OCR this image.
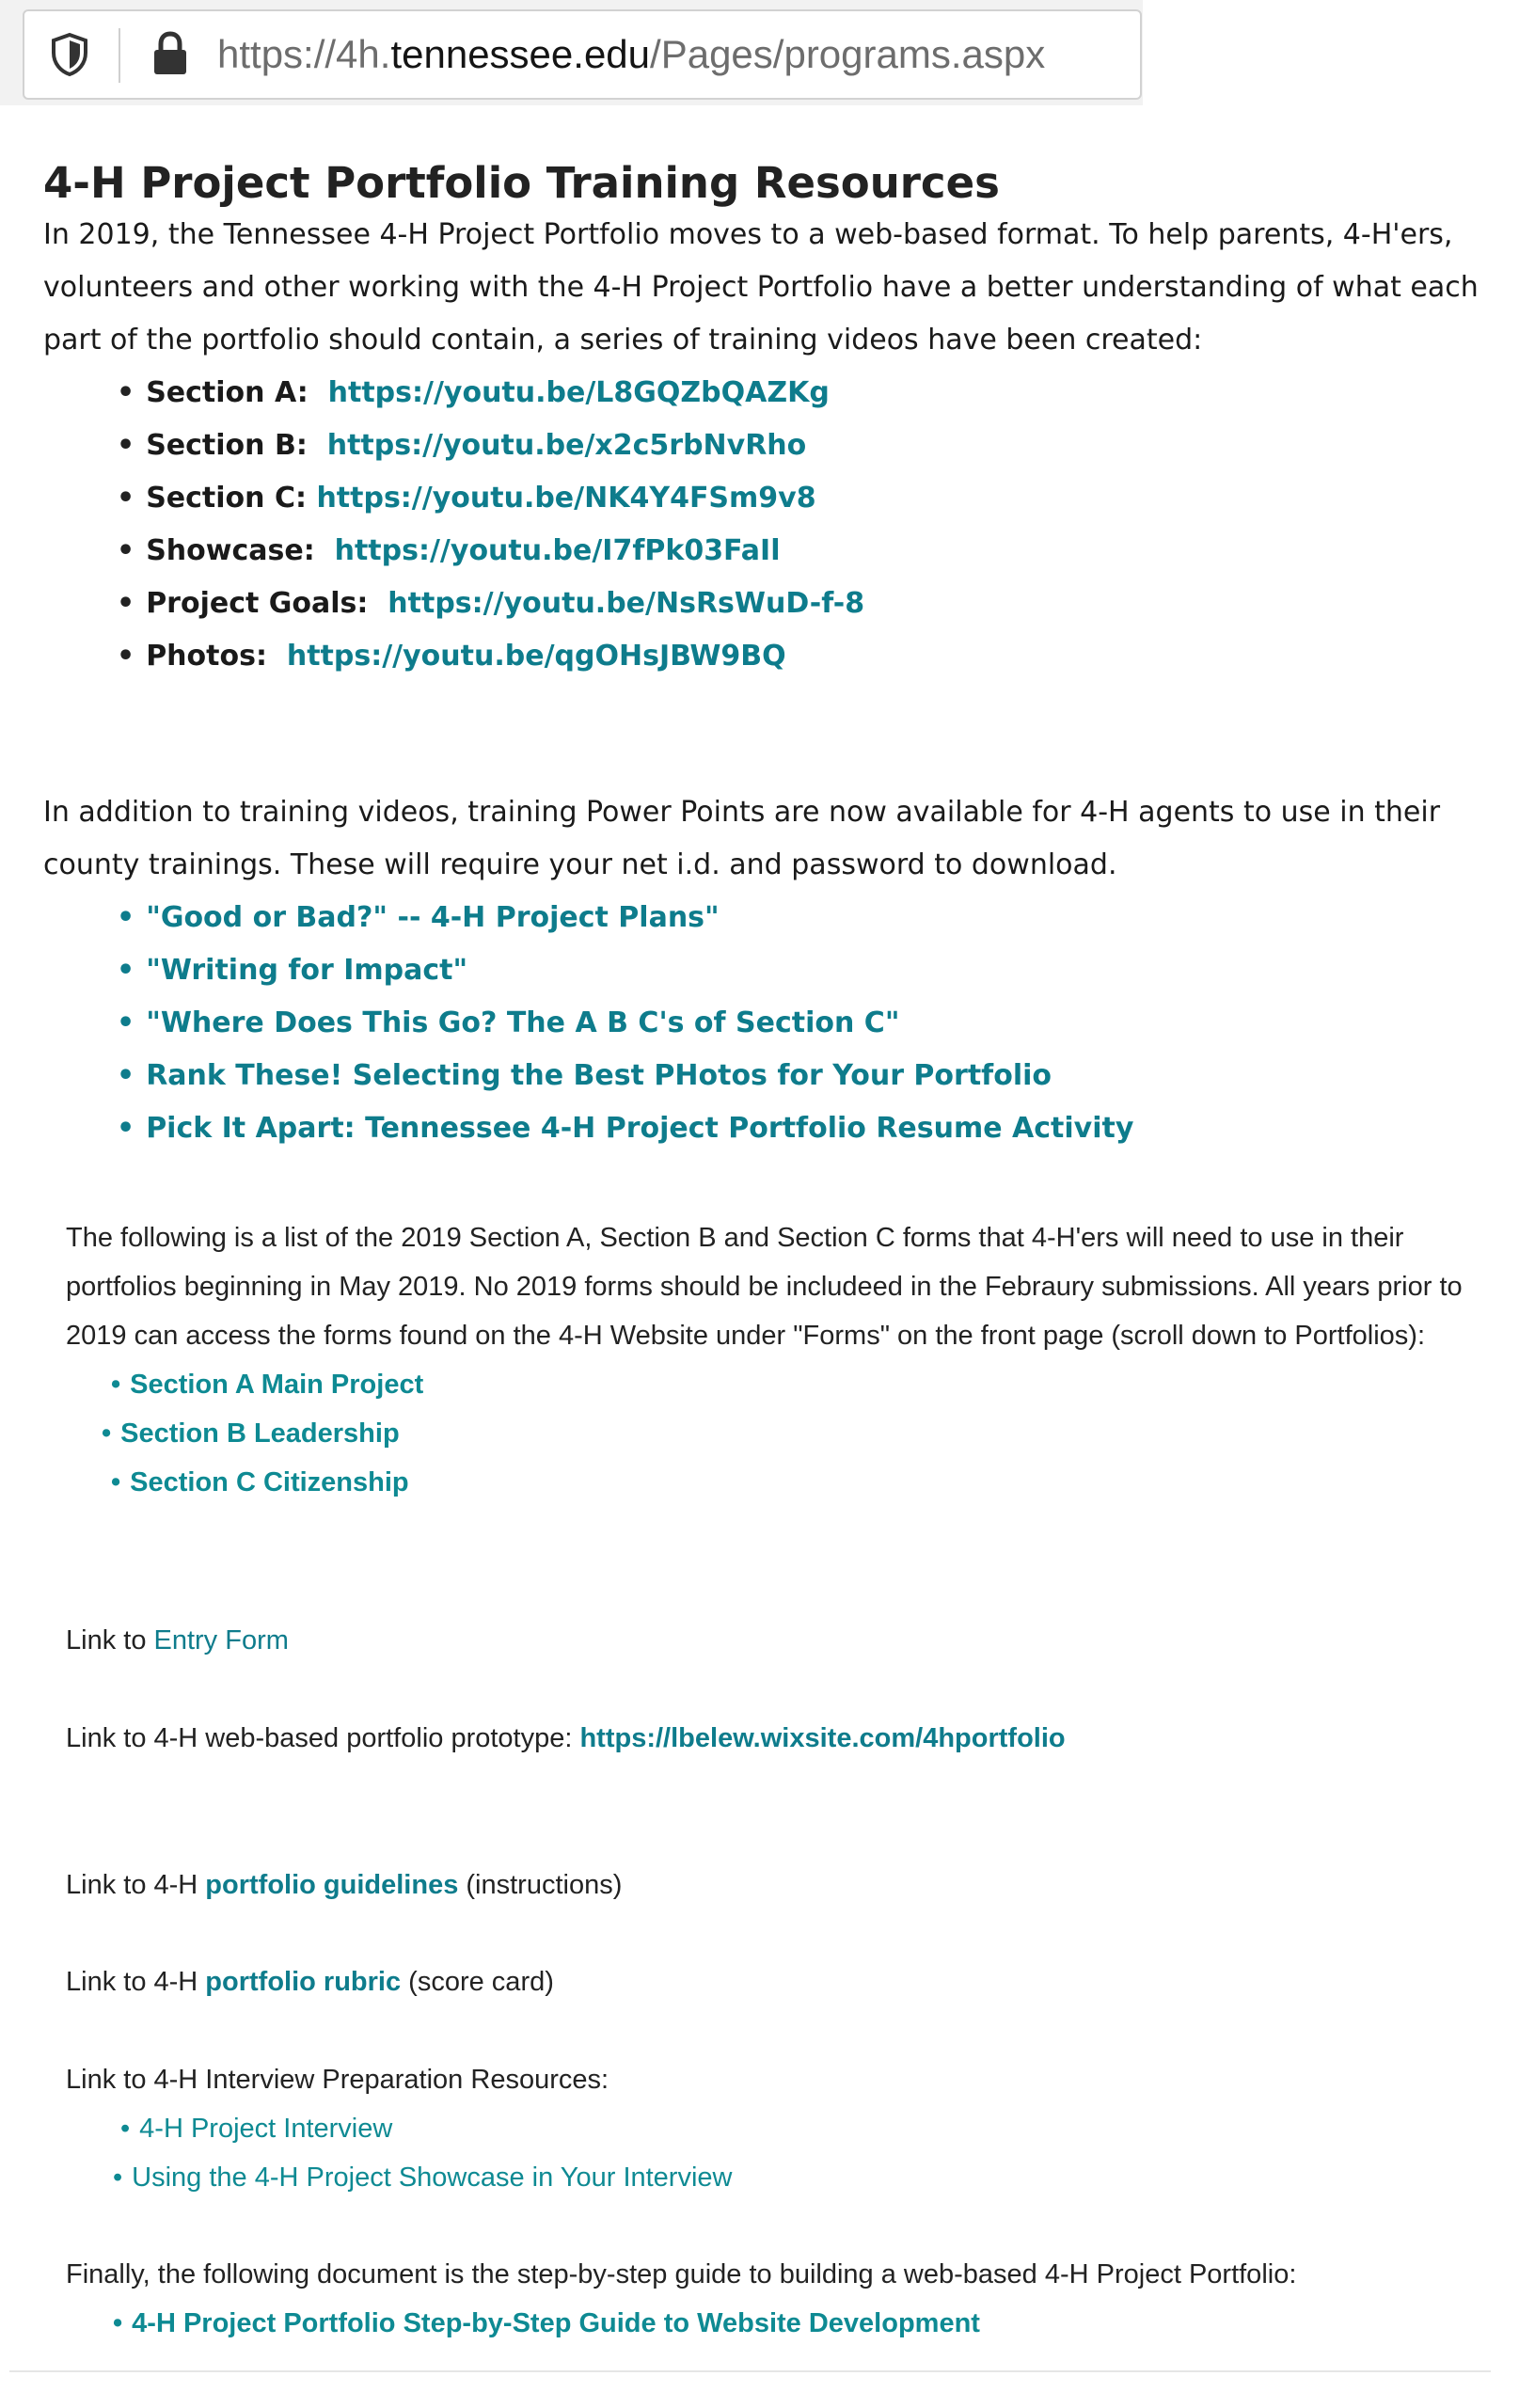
https://4h.tennessee.edu/Pages/programs.aspx
4-H Project Portfolio Training Resources

In 2019, the Tennessee 4-H Project Portfolio moves to a web-based format. To help parents, 4-H'ers, volunteers and other working with the 4-H Project Portfolio have a better understanding of what each part of the portfolio should contain, a series of training videos have been created:

• Section A: https://youtu.be/L8GQZbQAZKg
• Section B: https://youtu.be/x2c5rbNvRho
• Section C: https://youtu.be/NK4Y4FSm9v8
• Showcase: https://youtu.be/I7fPk03FaIl
• Project Goals: https://youtu.be/NsRsWuD-f-8
• Photos: https://youtu.be/qgOHsJBW9BQ

In addition to training videos, training Power Points are now available for 4-H agents to use in their county trainings. These will require your net i.d. and password to download.

• "Good or Bad?" -- 4-H Project Plans"
• "Writing for Impact"
• "Where Does This Go? The A B C's of Section C"
• Rank These! Selecting the Best PHotos for Your Portfolio
• Pick It Apart: Tennessee 4-H Project Portfolio Resume Activity

The following is a list of the 2019 Section A, Section B and Section C forms that 4-H'ers will need to use in their portfolios beginning in May 2019. No 2019 forms should be includeed in the Febraury submissions. All years prior to 2019 can access the forms found on the 4-H Website under "Forms" on the front page (scroll down to Portfolios):

• Section A Main Project
• Section B Leadership
• Section C Citizenship
Link to Entry Form
Link to 4-H web-based portfolio prototype: https://lbelew.wixsite.com/4hportfolio
Link to 4-H portfolio guidelines (instructions)
Link to 4-H portfolio rubric (score card)
Link to 4-H Interview Preparation Resources:
• 4-H Project Interview
• Using the 4-H Project Showcase in Your Interview
Finally, the following document is the step-by-step guide to building a web-based 4-H Project Portfolio:
• 4-H Project Portfolio Step-by-Step Guide to Website Development
